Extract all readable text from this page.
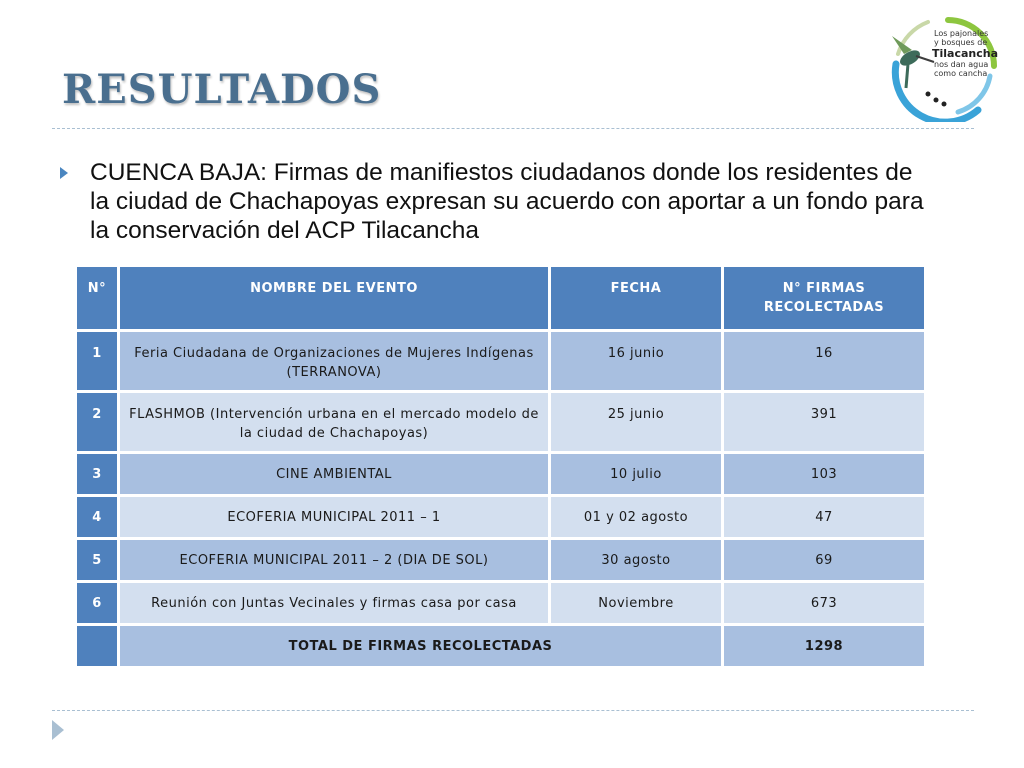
RESULTADOS
Los pajonales
y bosques de
Tilacancha
nos dan agua
como cancha
CUENCA BAJA: Firmas de manifiestos ciudadanos donde los residentes de la ciudad de Chachapoyas expresan su acuerdo con aportar a un fondo para la conservación del ACP Tilacancha
N°	NOMBRE DEL EVENTO	FECHA	N° FIRMAS
RECOLECTADAS
1	Feria Ciudadana de Organizaciones de Mujeres Indígenas (TERRANOVA)	16 junio	16
2	FLASHMOB (Intervención urbana en el mercado modelo de la ciudad de Chachapoyas)	25 junio	391
3	CINE AMBIENTAL	10 julio	103
4	ECOFERIA MUNICIPAL 2011 – 1	01 y 02 agosto	47
5	ECOFERIA MUNICIPAL 2011 – 2 (DIA DE SOL)	30 agosto	69
6	Reunión con Juntas Vecinales y firmas casa por casa	Noviembre	673
	TOTAL DE FIRMAS RECOLECTADAS		1298
